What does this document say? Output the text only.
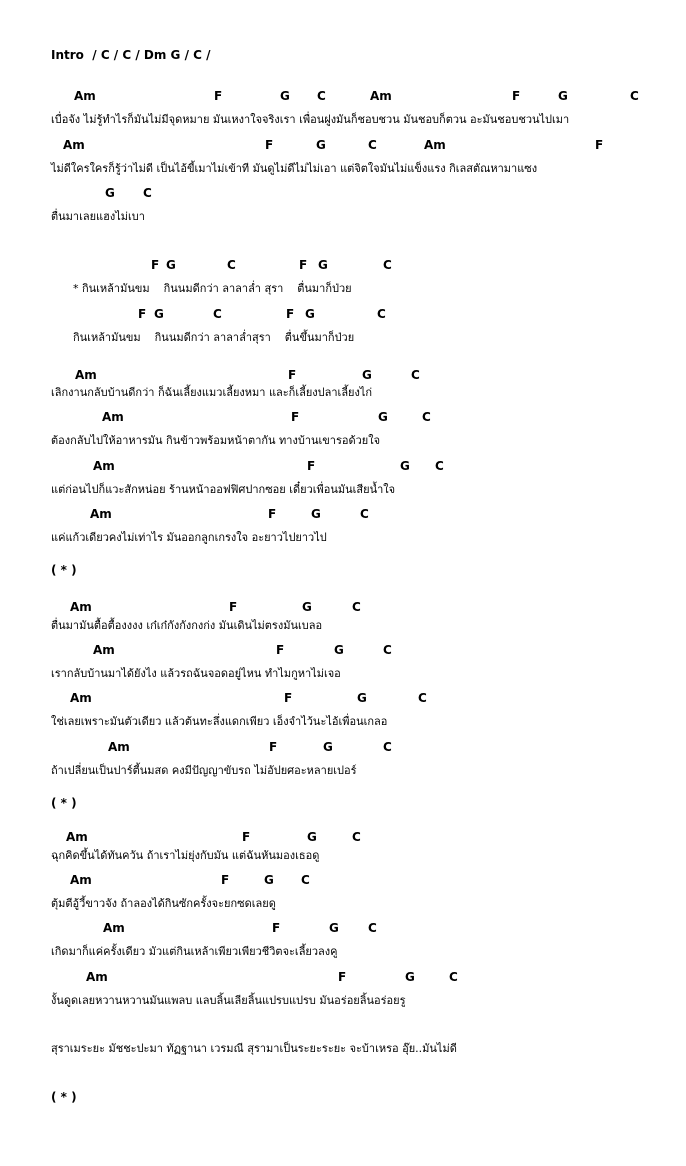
Intro  / C / C / Dm G / C /
Am	F	G C	Am	F	G	C
เบื่อจัง ไม่รู้ทำไรก็มันไม่มีจุดหมาย มันเหงาใจจริงเรา เพื่อนฝูงมันก็ชอบชวน มันชอบก็ตวน อะมันชอบชวนไปเมา
Am	F	G	C	Am	F
ไม่ดีใครใครก็รู้ว่าไม่ดี เป็นไอ้ขี้เมาไม่เข้าที มันดูไม่ดีไม่ไม่เอา แต่จิตใจมันไม่แข็งแรง กิเลสตัณหามาแซง
G C
ตื่นมาเลยแฮงไม่เบา
F G	C	F G	C
* กินเหล้ามันขม    กินนมดีกว่า ลาลาล่ำ สุรา    ตื่นมาก็ป่วย
F G	C	F G	C
กินเหล้ามันขม    กินนมดีกว่า ลาลาล่ำสุรา    ตื่นขึ้นมาก็ป่วย
Am	F	G	C
เลิกงานกลับบ้านดีกว่า ก็ฉันเลี้ยงแมวเลี้ยงหมา และก็เลี้ยงปลาเลี้ยงไก่
Am	F	G	C
ต้องกลับไปให้อาหารมัน กินข้าวพร้อมหน้าตากัน ทางบ้านเขารอด้วยใจ
Am	F	G C
แต่ก่อนไปก็แวะสักหน่อย ร้านหน้าออฟฟิศปากซอย เดี๋ยวเพื่อนมันเสียน้ำใจ
Am	F	G	C
แค่แก้วเดียวคงไม่เท่าไร มันออกลูกเกรงใจ อะยาวไปยาวไป
( * )
Am	F	G	C
ตื่นมามันตื้อตื้องงงง เก๋เก๋กังกังกงก่ง มันเดินไม่ตรงมันเบลอ
Am	F	G	C
เรากลับบ้านมาได้ยังไง แล้วรถฉันจอดอยู่ไหน ทำไมกูหาไม่เจอ
Am	F	G	C
ใช่เลยเพราะมันตัวเดียว แล้วต้นทะลึ่งแดกเพียว เอ็งจำไว้นะไอ้เพื่อนเกลอ
Am	F	G	C
ถ้าเปลี่ยนเป็นปาร์ตี้นมสด คงมีปัญญาขับรถ ไม่อัปยศอะหลายเปอร์
( * )
Am	F	G	C
ฉุกคิดขึ้นได้ทันควัน ถ้าเราไม่ยุ่งกับมัน แต่ฉันหันมองเธอดู
Am	F	G C
ตุ้มตีอู้วี้ขาวจัง ถ้าลองได้กินซักครั้งจะยกซดเลยดู
Am	F	G C
เกิดมาก็แค่ครั้งเดียว มัวแต่กินเหล้าเพียวเพียวชีวิตจะเลี้ยวลงคู
Am	F	G	C
งั้นดูดเลยหวานหวานมันแพลบ แลบลิ้นเลียลิ้นแปรบแปรบ มันอร่อยลิ้นอร่อยรู
สุราเมระยะ มัชชะปะมา ทัฏฐานา เวรมณี สุรามาเป็นระยะระยะ จะบ้าเหรอ อุ๊ย..มันไม่ดี
( * )
